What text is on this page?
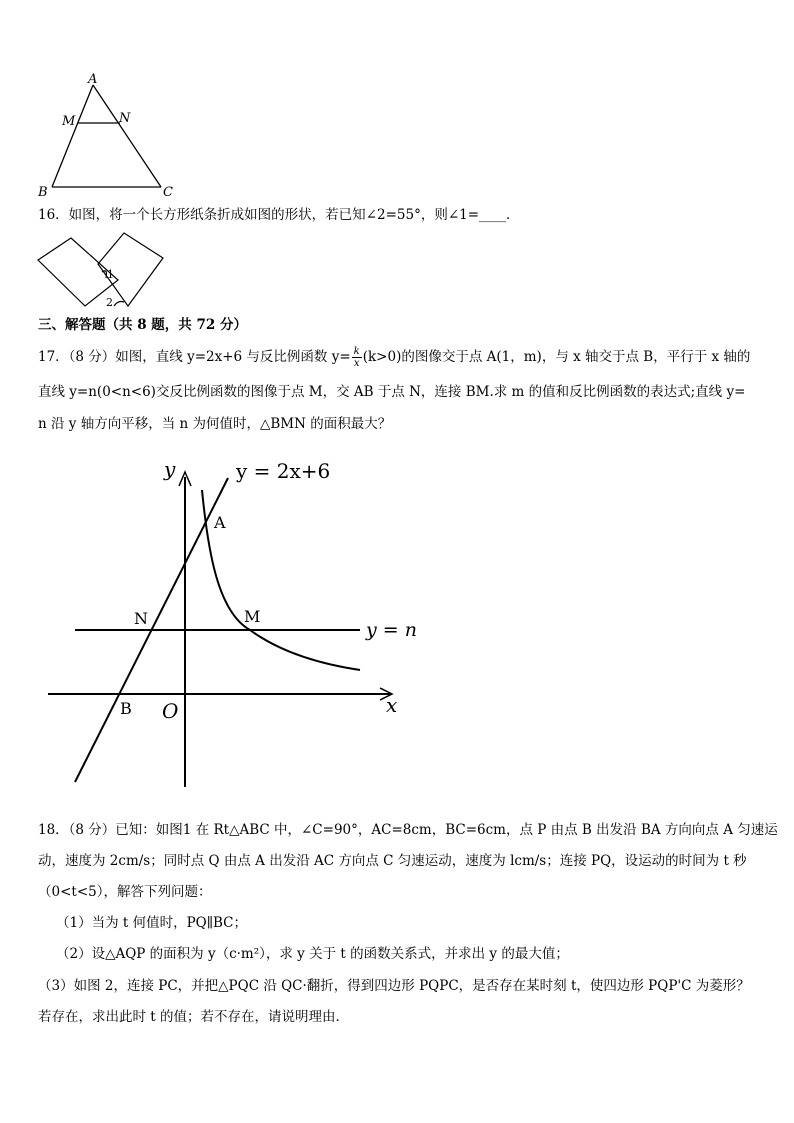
A
M	N
B	C
16．如图，将一个长方形纸条折成如图的形状，若已知∠2=55°，则∠1=____．
1
2
三、解答题（共 8 题，共 72 分）
17．（8 分）如图，直线 y=2x+6 与反比例函数 $y= \frac{k}{x} (k>0)$的图像交于点 A(1，m)，与 x 轴交于点 B，平行于 x 轴的
直线 y=n(0<n<6)交反比例函数的图像于点 M，交 AB 于点 N，连接 BM.求 m 的值和反比例函数的表达式;直线 y=
n 沿 y 轴方向平移，当 n 为何值时，△BMN 的面积最大？
y
x
O
y = 2x+6
y = n
A
N	M
B
18．（8 分）已知：如图1 在 Rt△ABC 中，∠C=90°，AC=8cm，BC=6cm，点 P 由点 B 出发沿 BA 方向向点 A 匀速运
动，速度为 2cm/s；同时点 Q 由点 A 出发沿 AC 方向点 C 匀速运动，速度为 lcm/s；连接 PQ，设运动的时间为 t 秒
（0<t<5），解答下列问题：
（1）当为 t 何值时，PQ∥BC；
（2）设△AQP 的面积为 y（c·m²），求 y 关于 t 的函数关系式，并求出 y 的最大值；
（3）如图 2，连接 PC，并把△PQC 沿 QC·翻折，得到四边形 PQPC，是否存在某时刻 t，使四边形 PQP'C 为菱形？
若存在，求出此时 t 的值；若不存在，请说明理由．
